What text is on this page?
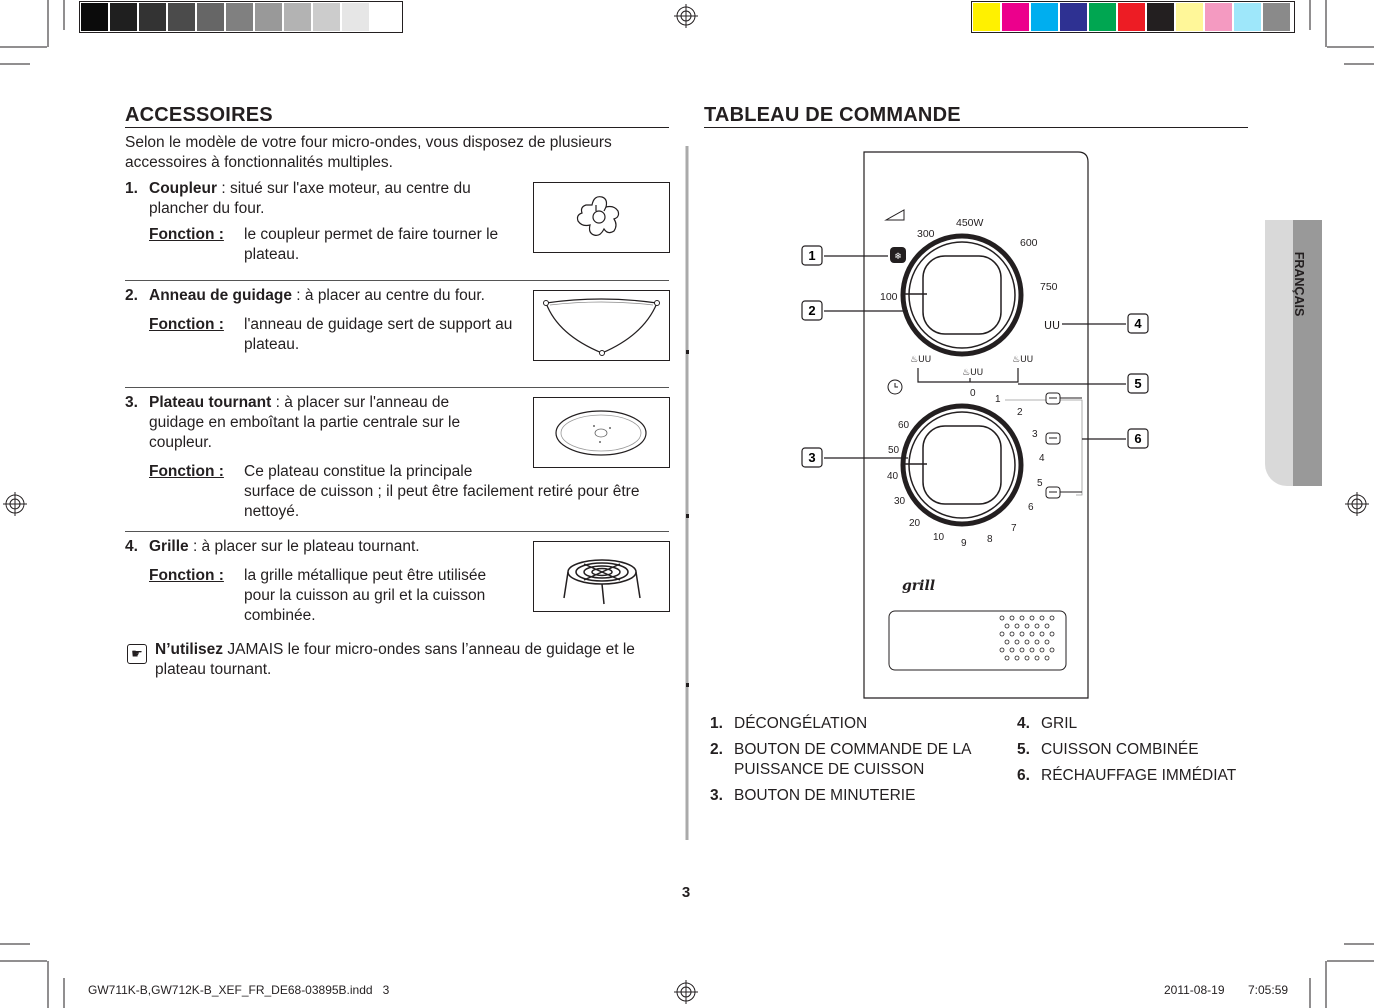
FRANÇAIS
ACCESSOIRES
Selon le modèle de votre four micro-ondes, vous disposez de plusieurs
accessoires à fonctionnalités multiples.
1. Coupleur : situé sur l'axe moteur, au centre du
plancher du four.
Fonction : le coupleur permet de faire tourner le
plateau.
2. Anneau de guidage : à placer au centre du four.
Fonction : l'anneau de guidage sert de support au
plateau.
3. Plateau tournant : à placer sur l'anneau de
guidage en emboîtant la partie centrale sur le
coupleur.
Fonction : Ce plateau constitue la principale
surface de cuisson ; il peut être facilement retiré pour être
nettoyé.
4. Grille : à placer sur le plateau tournant.
Fonction : la grille métallique peut être utilisée
pour la cuisson au gril et la cuisson
combinée.
☛ N’utilisez JAMAIS le four micro-ondes sans l’anneau de guidage et le
plateau tournant.
TABLEAU DE COMMANDE
450W
300
600
750
100
❄
ᑌᑌ
♨ᑌᑌ
♨ᑌᑌ
♨ᑌᑌ
0
1
2
3
4
5
6
7
8
9
10
20
30
40
50
60
grill
1
2
3
4
5
6
1. DÉCONGÉLATION
2. BOUTON DE COMMANDE DE LA
PUISSANCE DE CUISSON
3. BOUTON DE MINUTERIE
4. GRIL
5. CUISSON COMBINÉE
6. RÉCHAUFFAGE IMMÉDIAT
3
GW711K-B,GW712K-B_XEF_FR_DE68-03895B.indd   3	2011-08-19 7:05:59
